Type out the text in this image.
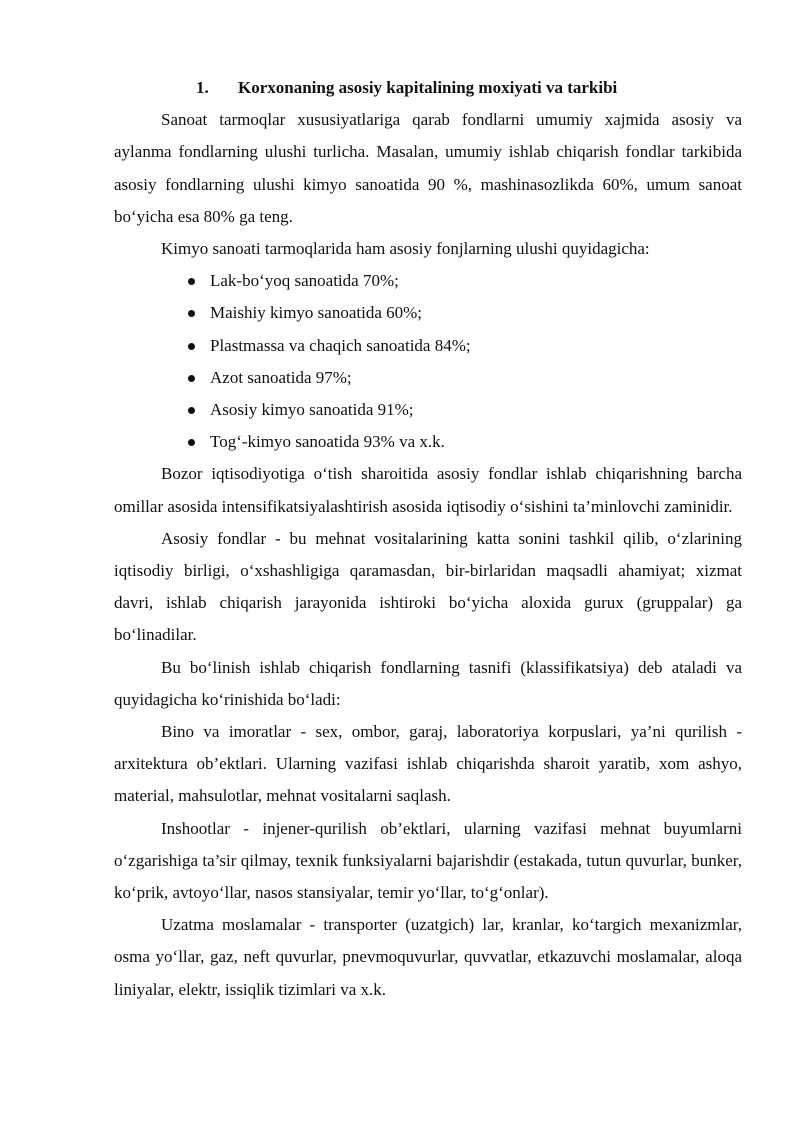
1. Korxonaning asosiy kapitalining moxiyati va tarkibi

Sanoat tarmoqlar xususiyatlariga qarab fondlarni umumiy xajmida asosiy va aylanma fondlarning ulushi turlicha. Masalan, umumiy ishlab chiqarish fondlar tarkibida asosiy fondlarning ulushi kimyo sanoatida 90 %, mashinasozlikda 60%, umum sanoat bo‘yicha esa 80% ga teng.

Kimyo sanoati tarmoqlarida ham asosiy fonjlarning ulushi quyidagicha:

Lak-bo‘yoq sanoatida 70%;
Maishiy kimyo sanoatida 60%;
Plastmassa va chaqich sanoatida 84%;
Azot sanoatida 97%;
Asosiy kimyo sanoatida 91%;
Tog‘-kimyo sanoatida 93% va x.k.

Bozor iqtisodiyotiga o‘tish sharoitida asosiy fondlar ishlab chiqarishning barcha omillar asosida intensifikatsiyalashtirish asosida iqtisodiy o‘sishini ta’minlovchi zaminidir.

Asosiy fondlar - bu mehnat vositalarining katta sonini tashkil qilib, o‘zlarining iqtisodiy birligi, o‘xshashligiga qaramasdan, bir-birlaridan maqsadli ahamiyat; xizmat davri, ishlab chiqarish jarayonida ishtiroki bo‘yicha aloxida gurux (gruppalar) ga bo‘linadilar.

Bu bo‘linish ishlab chiqarish fondlarning tasnifi (klassifikatsiya) deb ataladi va quyidagicha ko‘rinishida bo‘ladi:

Bino va imoratlar - sex, ombor, garaj, laboratoriya korpuslari, ya’ni qurilish - arxitektura ob’ektlari. Ularning vazifasi ishlab chiqarishda sharoit yaratib, xom ashyo, material, mahsulotlar, mehnat vositalarni saqlash.

Inshootlar - injener-qurilish ob’ektlari, ularning vazifasi mehnat buyumlarni o‘zgarishiga ta’sir qilmay, texnik funksiyalarni bajarishdir (estakada, tutun quvurlar, bunker, ko‘prik, avtoyo‘llar, nasos stansiyalar, temir yo‘llar, to‘g‘onlar).

Uzatma moslamalar - transporter (uzatgich) lar, kranlar, ko‘targich mexanizmlar, osma yo‘llar, gaz, neft quvurlar, pnevmoquvurlar, quvvatlar, etkazuvchi moslamalar, aloqa liniyalar, elektr, issiqlik tizimlari va x.k.
